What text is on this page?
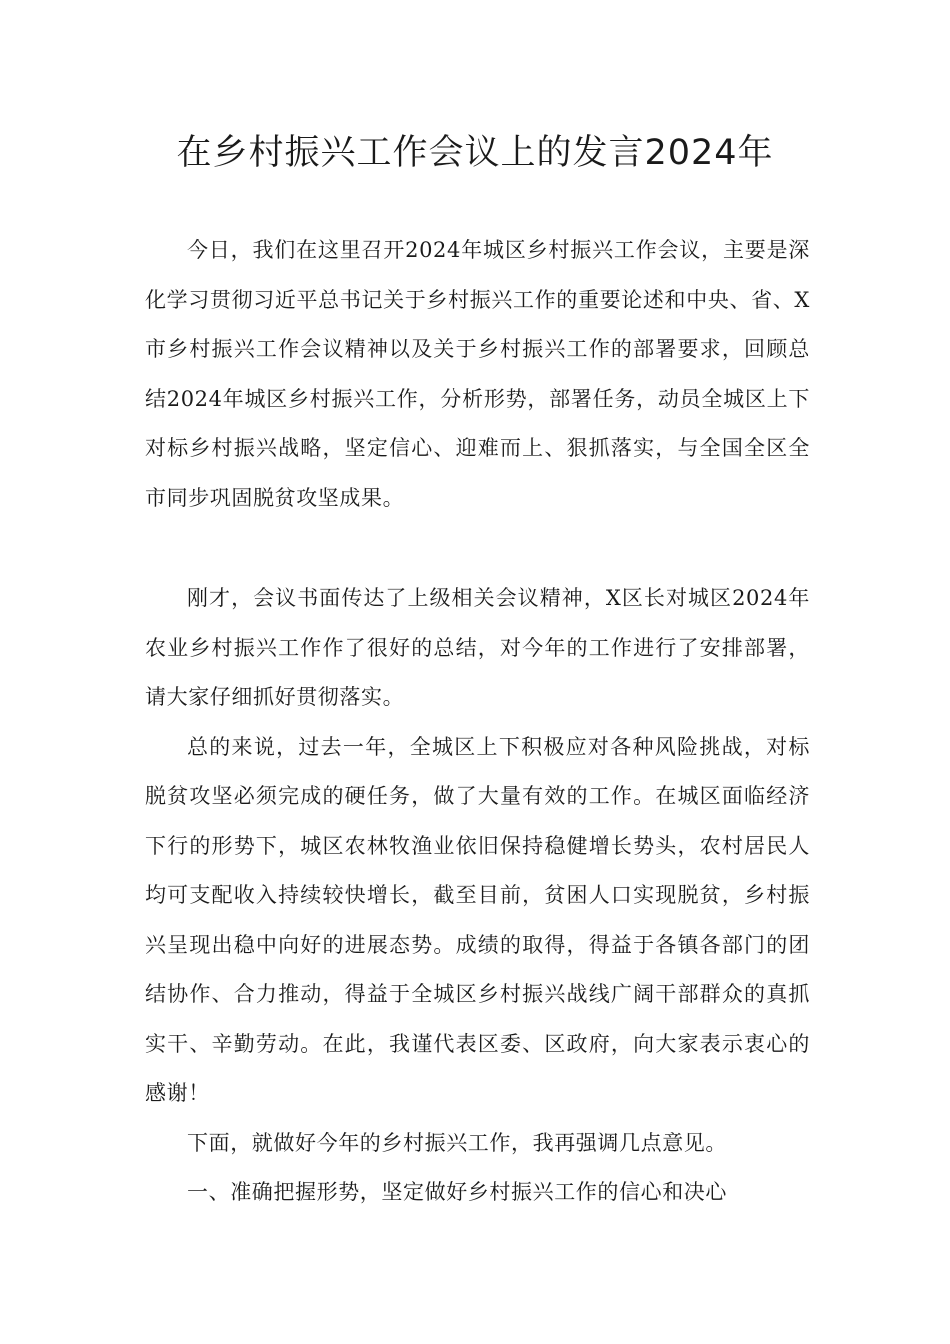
在乡村振兴工作会议上的发言2024年

今日，我们在这里召开2024年城区乡村振兴工作会议，主要是深化学习贯彻习近平总书记关于乡村振兴工作的重要论述和中央、省、X市乡村振兴工作会议精神以及关于乡村振兴工作的部署要求，回顾总结2024年城区乡村振兴工作，分析形势，部署任务，动员全城区上下对标乡村振兴战略，坚定信心、迎难而上、狠抓落实，与全国全区全市同步巩固脱贫攻坚成果。

刚才，会议书面传达了上级相关会议精神，X区长对城区2024年农业乡村振兴工作作了很好的总结，对今年的工作进行了安排部署，请大家仔细抓好贯彻落实。

总的来说，过去一年，全城区上下积极应对各种风险挑战，对标脱贫攻坚必须完成的硬任务，做了大量有效的工作。在城区面临经济下行的形势下，城区农林牧渔业依旧保持稳健增长势头，农村居民人均可支配收入持续较快增长，截至目前，贫困人口实现脱贫，乡村振兴呈现出稳中向好的进展态势。成绩的取得，得益于各镇各部门的团结协作、合力推动，得益于全城区乡村振兴战线广阔干部群众的真抓实干、辛勤劳动。在此，我谨代表区委、区政府，向大家表示衷心的感谢！

下面，就做好今年的乡村振兴工作，我再强调几点意见。

一、准确把握形势，坚定做好乡村振兴工作的信心和决心
